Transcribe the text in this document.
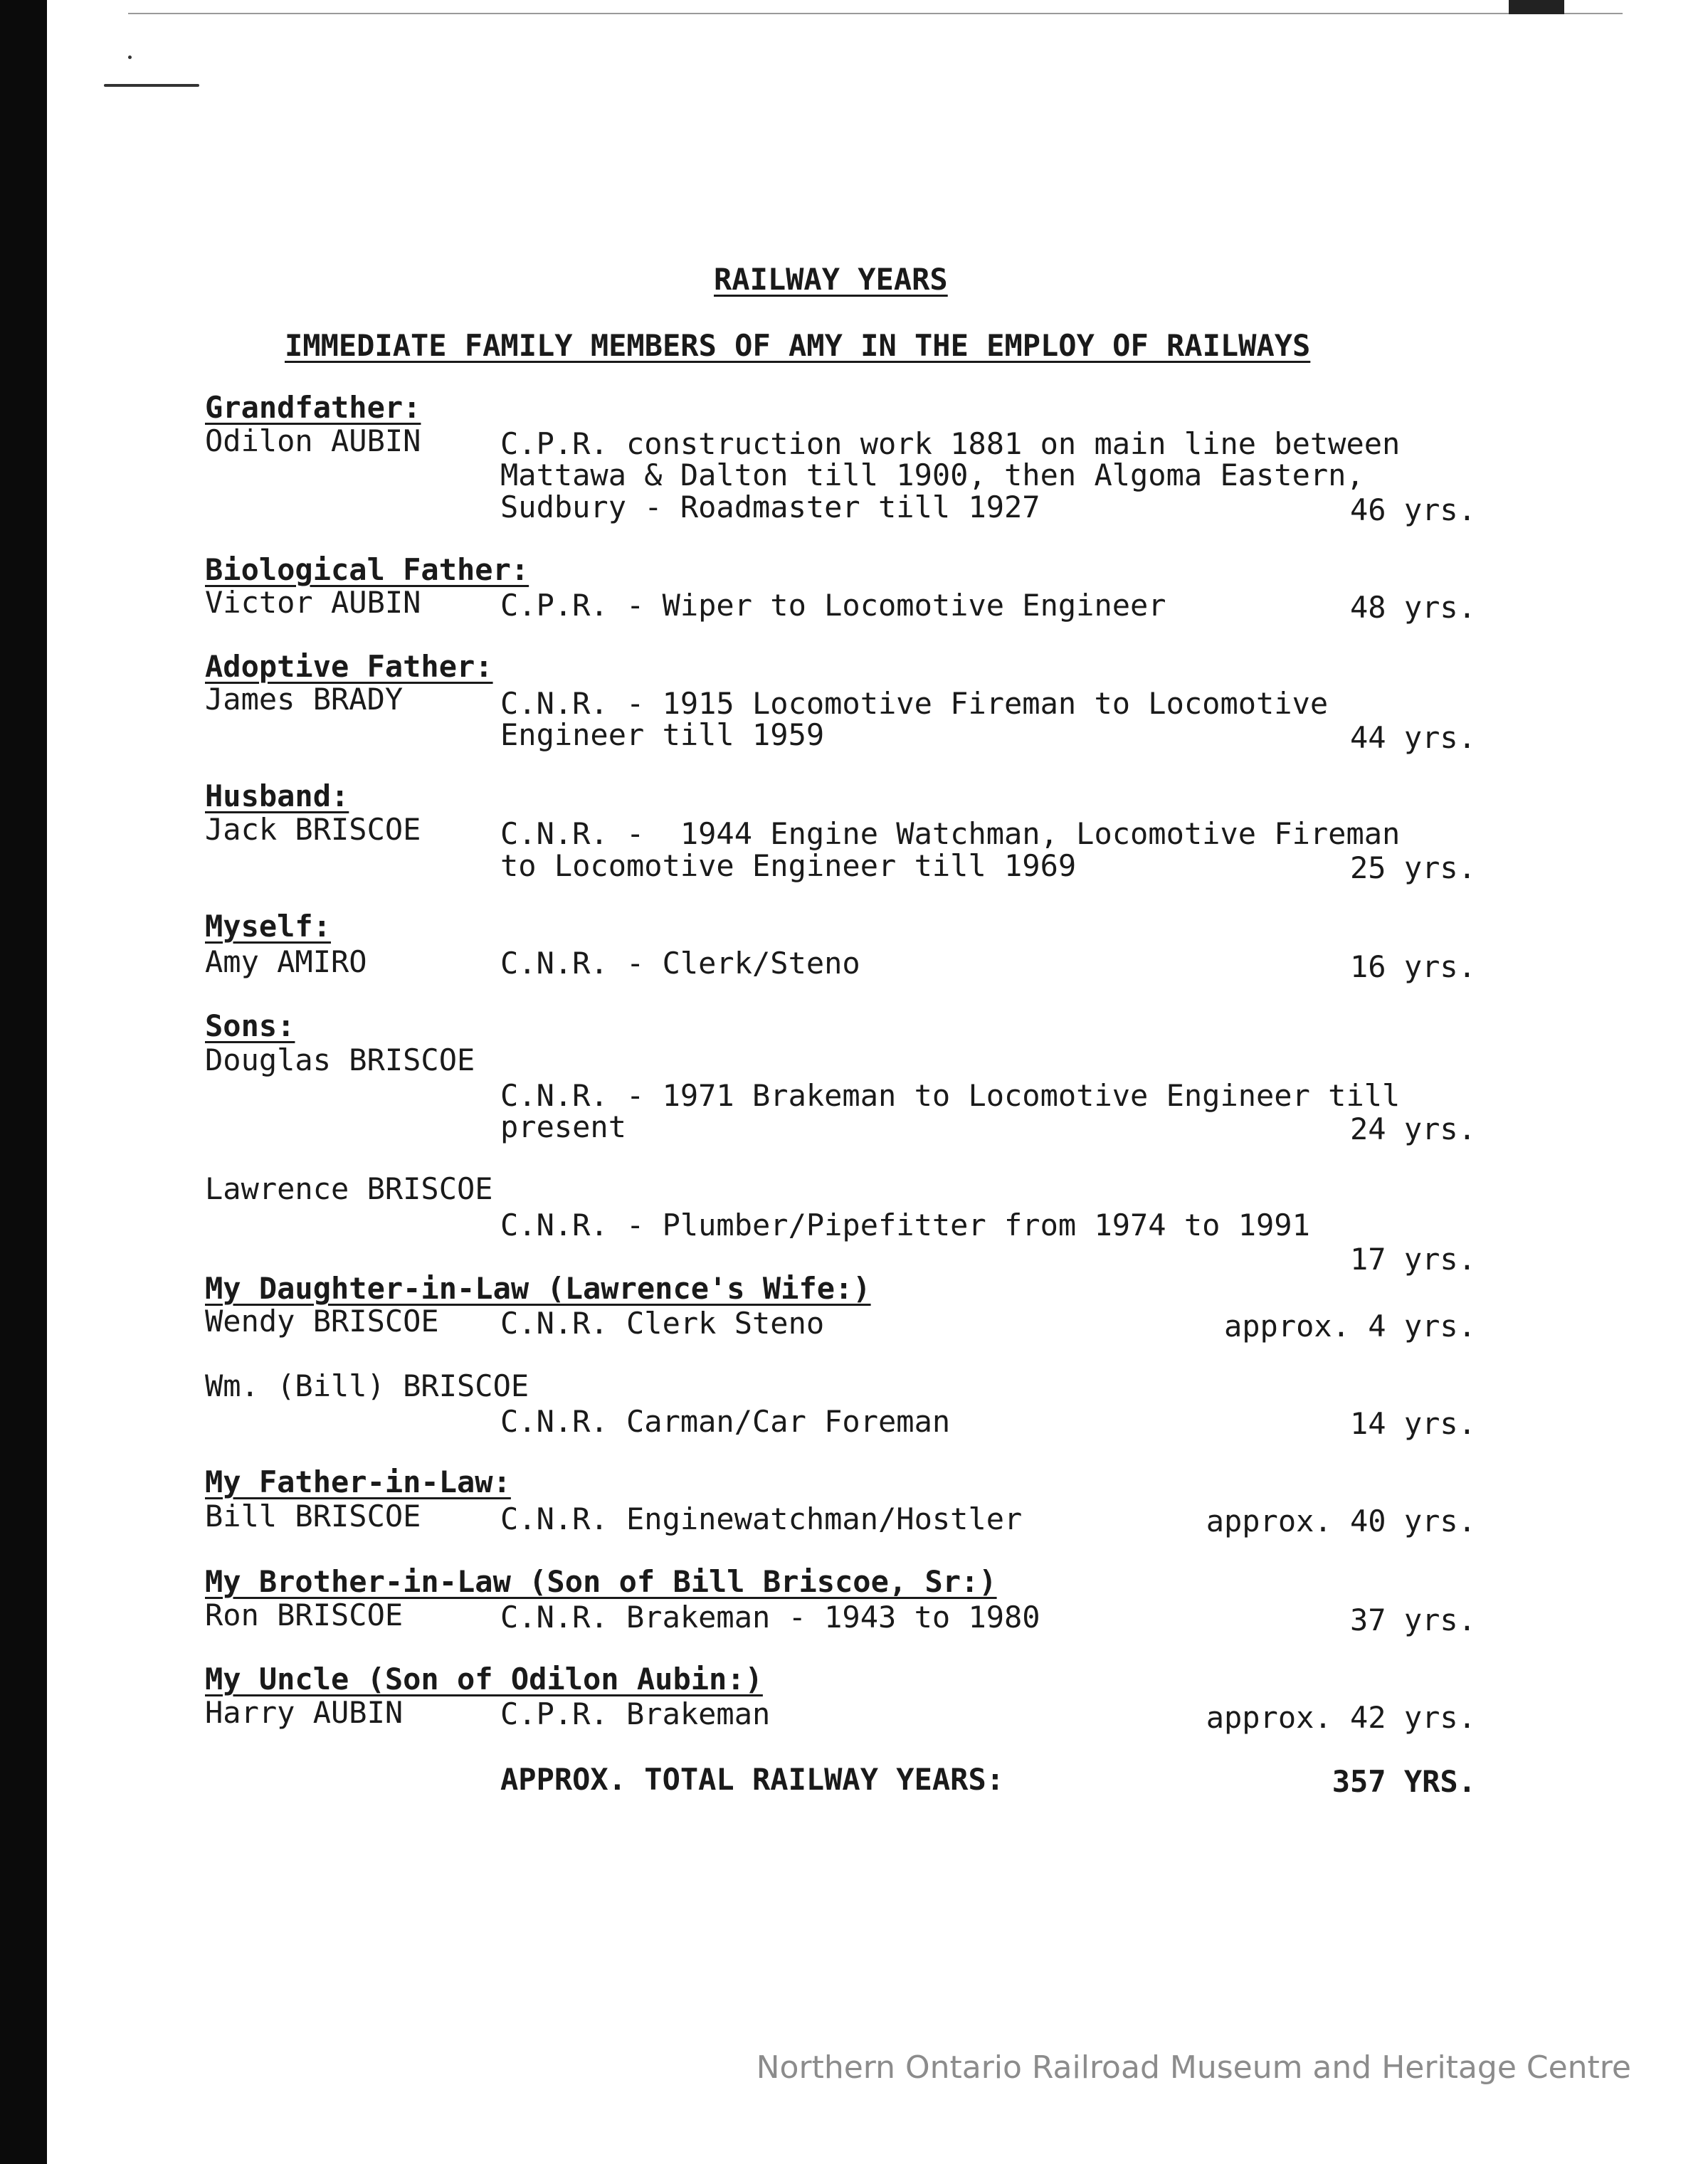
RAILWAY YEARS
IMMEDIATE FAMILY MEMBERS OF AMY IN THE EMPLOY OF RAILWAYS
Grandfather:
Odilon AUBIN	C.P.R. construction work 1881 on main line between
Mattawa & Dalton till 1900, then Algoma Eastern,
Sudbury - Roadmaster till 1927	46 yrs.
Biological Father:
Victor AUBIN	C.P.R. - Wiper to Locomotive Engineer	48 yrs.
Adoptive Father:
James BRADY	C.N.R. - 1915 Locomotive Fireman to Locomotive
Engineer till 1959	44 yrs.
Husband:
Jack BRISCOE	C.N.R. -  1944 Engine Watchman, Locomotive Fireman
to Locomotive Engineer till 1969	25 yrs.
Myself:
Amy AMIRO	C.N.R. - Clerk/Steno	16 yrs.
Sons:
Douglas BRISCOE
C.N.R. - 1971 Brakeman to Locomotive Engineer till
present	24 yrs.
Lawrence BRISCOE
C.N.R. - Plumber/Pipefitter from 1974 to 1991
17 yrs.
My Daughter-in-Law (Lawrence's Wife:)
Wendy BRISCOE C.N.R. Clerk Steno	approx. 4 yrs.
Wm. (Bill) BRISCOE
C.N.R. Carman/Car Foreman	14 yrs.
My Father-in-Law:
Bill BRISCOE	C.N.R. Enginewatchman/Hostler	approx. 40 yrs.
My Brother-in-Law (Son of Bill Briscoe, Sr:)
Ron BRISCOE	C.N.R. Brakeman - 1943 to 1980	37 yrs.
My Uncle (Son of Odilon Aubin:)
Harry AUBIN	C.P.R. Brakeman	approx. 42 yrs.
APPROX. TOTAL RAILWAY YEARS:	357 YRS.
Northern Ontario Railroad Museum and Heritage Centre
